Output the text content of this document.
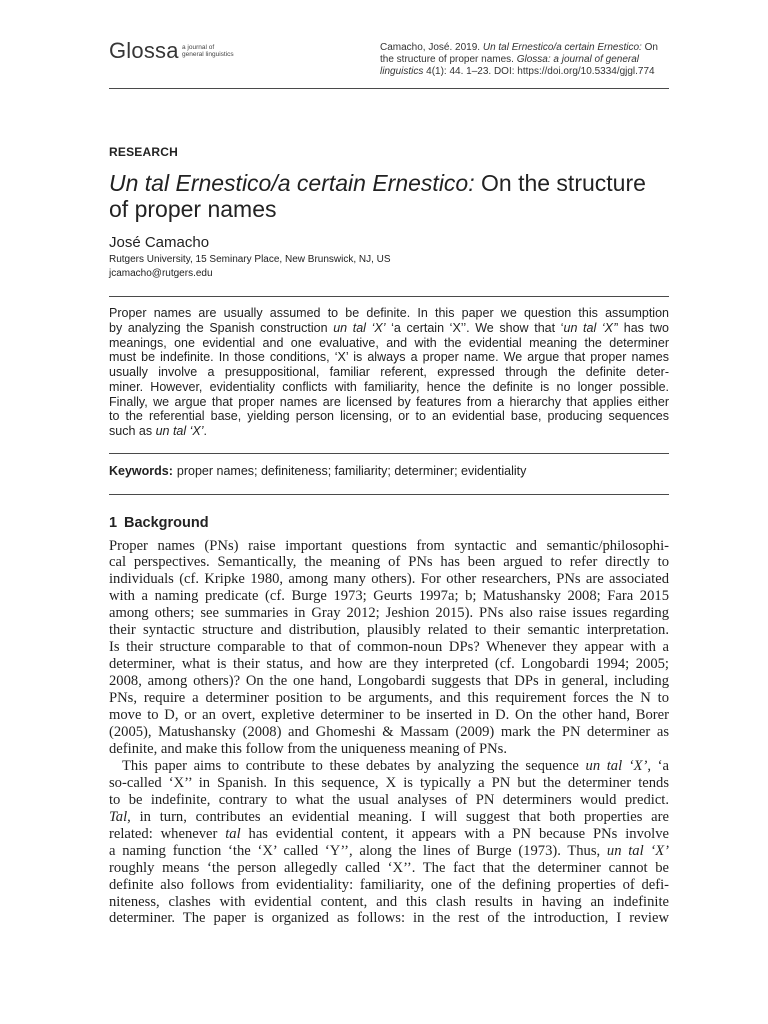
Glossa a journal of
general linguistics
Camacho, José. 2019. Un tal Ernestico/a certain Ernestico: On
the structure of proper names. Glossa: a journal of general
linguistics 4(1): 44. 1–23. DOI: https://doi.org/10.5334/gjgl.774
RESEARCH
Un tal Ernestico/a certain Ernestico: On the structure
of proper names
José Camacho
Rutgers University, 15 Seminary Place, New Brunswick, NJ, US
jcamacho@rutgers.edu
Proper names are usually assumed to be definite. In this paper we question this assumption
by analyzing the Spanish construction un tal ‘X’ ‘a certain ‘X’’. We show that ‘un tal ‘X’’ has two
meanings, one evidential and one evaluative, and with the evidential meaning the determiner
must be indefinite. In those conditions, ‘X’ is always a proper name. We argue that proper names
usually involve a presuppositional, familiar referent, expressed through the definite deter-
miner. However, evidentiality conflicts with familiarity, hence the definite is no longer possible.
Finally, we argue that proper names are licensed by features from a hierarchy that applies either
to the referential base, yielding person licensing, or to an evidential base, producing sequences
such as un tal ‘X’.
Keywords: proper names; definiteness; familiarity; determiner; evidentiality
1 Background
Proper names (PNs) raise important questions from syntactic and semantic/philosophi-
cal perspectives. Semantically, the meaning of PNs has been argued to refer directly to
individuals (cf. Kripke 1980, among many others). For other researchers, PNs are associated
with a naming predicate (cf. Burge 1973; Geurts 1997a; b; Matushansky 2008; Fara 2015
among others; see summaries in Gray 2012; Jeshion 2015). PNs also raise issues regarding
their syntactic structure and distribution, plausibly related to their semantic interpretation.
Is their structure comparable to that of common-noun DPs? Whenever they appear with a
determiner, what is their status, and how are they interpreted (cf. Longobardi 1994; 2005;
2008, among others)? On the one hand, Longobardi suggests that DPs in general, including
PNs, require a determiner position to be arguments, and this requirement forces the N to
move to D, or an overt, expletive determiner to be inserted in D. On the other hand, Borer
(2005), Matushansky (2008) and Ghomeshi & Massam (2009) mark the PN determiner as
definite, and make this follow from the uniqueness meaning of PNs.
This paper aims to contribute to these debates by analyzing the sequence un tal ‘X’, ‘a
so-called ‘X’’ in Spanish. In this sequence, X is typically a PN but the determiner tends
to be indefinite, contrary to what the usual analyses of PN determiners would predict.
Tal, in turn, contributes an evidential meaning. I will suggest that both properties are
related: whenever tal has evidential content, it appears with a PN because PNs involve
a naming function ‘the ‘X’ called ‘Y’’, along the lines of Burge (1973). Thus, un tal ‘X’
roughly means ‘the person allegedly called ‘X’’. The fact that the determiner cannot be
definite also follows from evidentiality: familiarity, one of the defining properties of defi-
niteness, clashes with evidential content, and this clash results in having an indefinite
determiner. The paper is organized as follows: in the rest of the introduction, I review
